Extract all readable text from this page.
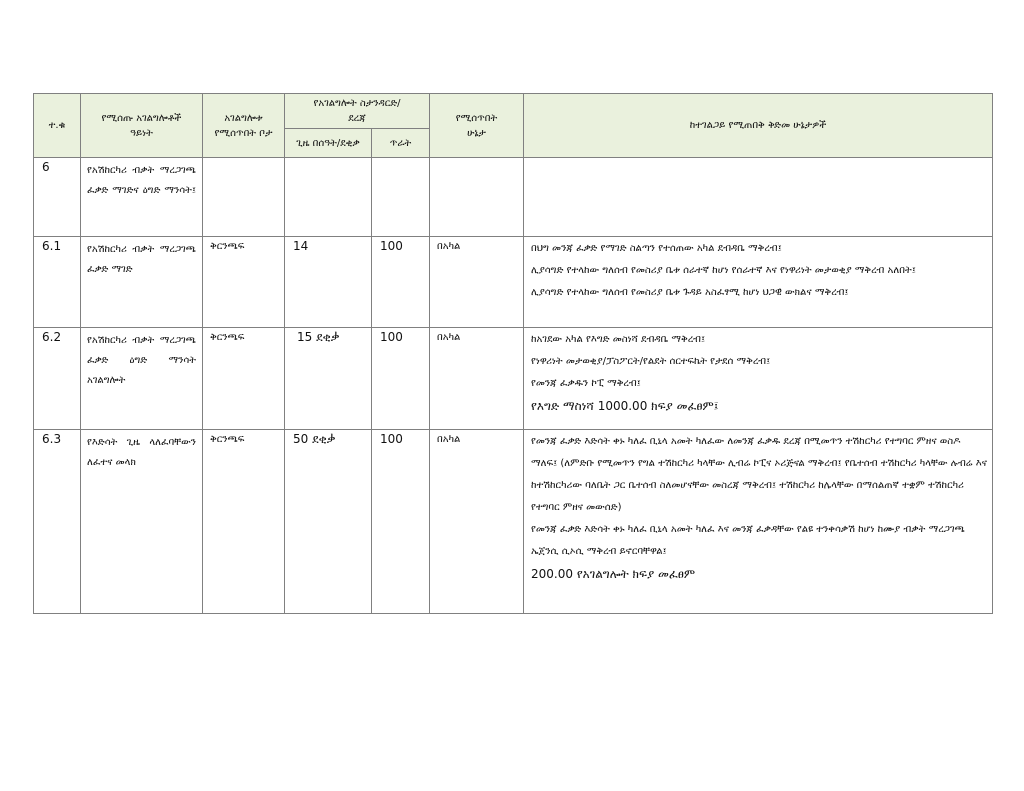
ተ.ቁ	የሚሰጡ አገልግሎቶች ዓይነት	አገልግሎቱ የሚሰጥበት ቦታ	የአገልግሎት ስታንዳርድ/ደረጃ		የሚሰጥበት ሁኔታ	ከተገልጋይ የሚጠበቅ ቅድመ ሁኔታዎች
			ጊዜ በሰዓት/ደቂቃ	ጥራት		
6	የአሽከርካሪ ብቃት ማረጋገጫ ፈቃድ ማገድና ዕግድ ማንሳት፤					
6.1	የአሽከርካሪ ብቃት ማረጋገጫ ፈቃድ ማገድ	ቅርንጫፍ	14	100	በአካል	በህግ መንጃ ፈቃድ የማገድ ስልጣን የተሰጠው አካል ደብዳቤ ማቅረብ፤

ሊያሳግድ የተላከው ግለሰብ የመስሪያ ቤቱ ሰራተኛ ከሆነ የሰራተኛ እና የነዋሪነት መታወቂያ ማቅረብ አለበት፤

ሊያሳግድ የተላከው ግለሰብ የመስሪያ ቤቱ ጉዳይ አስፈፃሚ ከሆነ ህጋዊ ውክልና ማቅረብ፤

6.2	የአሽከርካሪ ብቃት ማረጋገጫ ፈቃድ ዕግድ ማንሳት አገልግሎት	ቅርንጫፍ	15 ደቂቃ	100	በአካል	ከአገደው አካል የእግድ መስነሻ ደብዳቤ ማቅረብ፤

የነዋሪነት መታወቂያ/ፓስፖርት/የልደት ሰርተፍኬት የታደሰ ማቅረብ፤

የመንጃ ፈቃዱን ኮፒ ማቅረብ፤

የእግድ ማስነሻ 1000.00 ክፍያ መፈፀም፤

6.3	የእድሳት ጊዜ ላለፈባቸውን ለፈተና መላክ	ቅርንጫፍ	50 ደቂቃ	100	በአካል	የመንጃ ፈቃድ እድሳት ቀኑ ካለፈ ቢኒላ አመት ካለፈው ለመንጃ ፈቃዱ ደረጃ በሚመጥን ተሽከርካሪ የተግባር ምዘና ወስዶ ማለፍ፤ (ለምድቡ የሚመጥን የግል ተሽከርካሪ ካላቸው ሊብሬ ኮፒና ኦሪጅናል ማቅረብ፤ የቤተሰብ ተሽከርካሪ ካላቸው ሉብሬ እና ከተሽከርካሪው ባለቤት ጋር ቤተሰብ ስለመሆናቸው መስረጃ ማቅረብ፤ ተሽከርካሪ ከሌላቸው በማሰልጠኛ ተቋም ተሽከርካሪ የተግባር ምዘና መውሰድ)

የመንጃ ፈቃድ እድሳት ቀኑ ካለፈ ቢኒላ አመት ካለፈ እና መንጃ ፈቃዳቸው የልዩ ተንቀሳቃሽ ከሆነ ከሙያ ብቃት ማረጋገጫ ኤጀንሲ ሲኦሲ ማቅረብ ይኖርባቸዋል፤

200.00 የአገልግሎት ክፍያ መፈፀም
